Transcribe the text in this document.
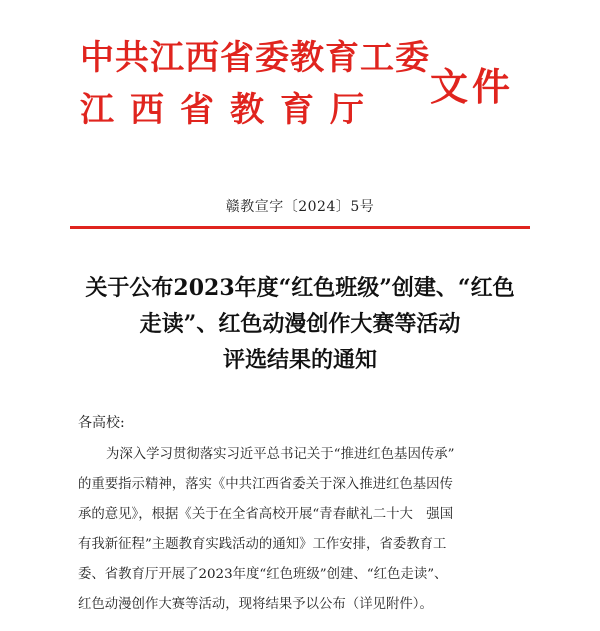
中共江西省委教育工委
江西省教育厅
文件
赣教宣字〔2024〕5号
关于公布2023年度“红色班级”创建、“红色
走读”、红色动漫创作大赛等活动
评选结果的通知
各高校:
为深入学习贯彻落实习近平总书记关于“推进红色基因传承”
的重要指示精神，落实《中共江西省委关于深入推进红色基因传
承的意见》，根据《关于在全省高校开展“青春献礼二十大　强国
有我新征程”主题教育实践活动的通知》工作安排，省委教育工
委、省教育厅开展了2023年度“红色班级”创建、“红色走读”、
红色动漫创作大赛等活动，现将结果予以公布（详见附件）。
